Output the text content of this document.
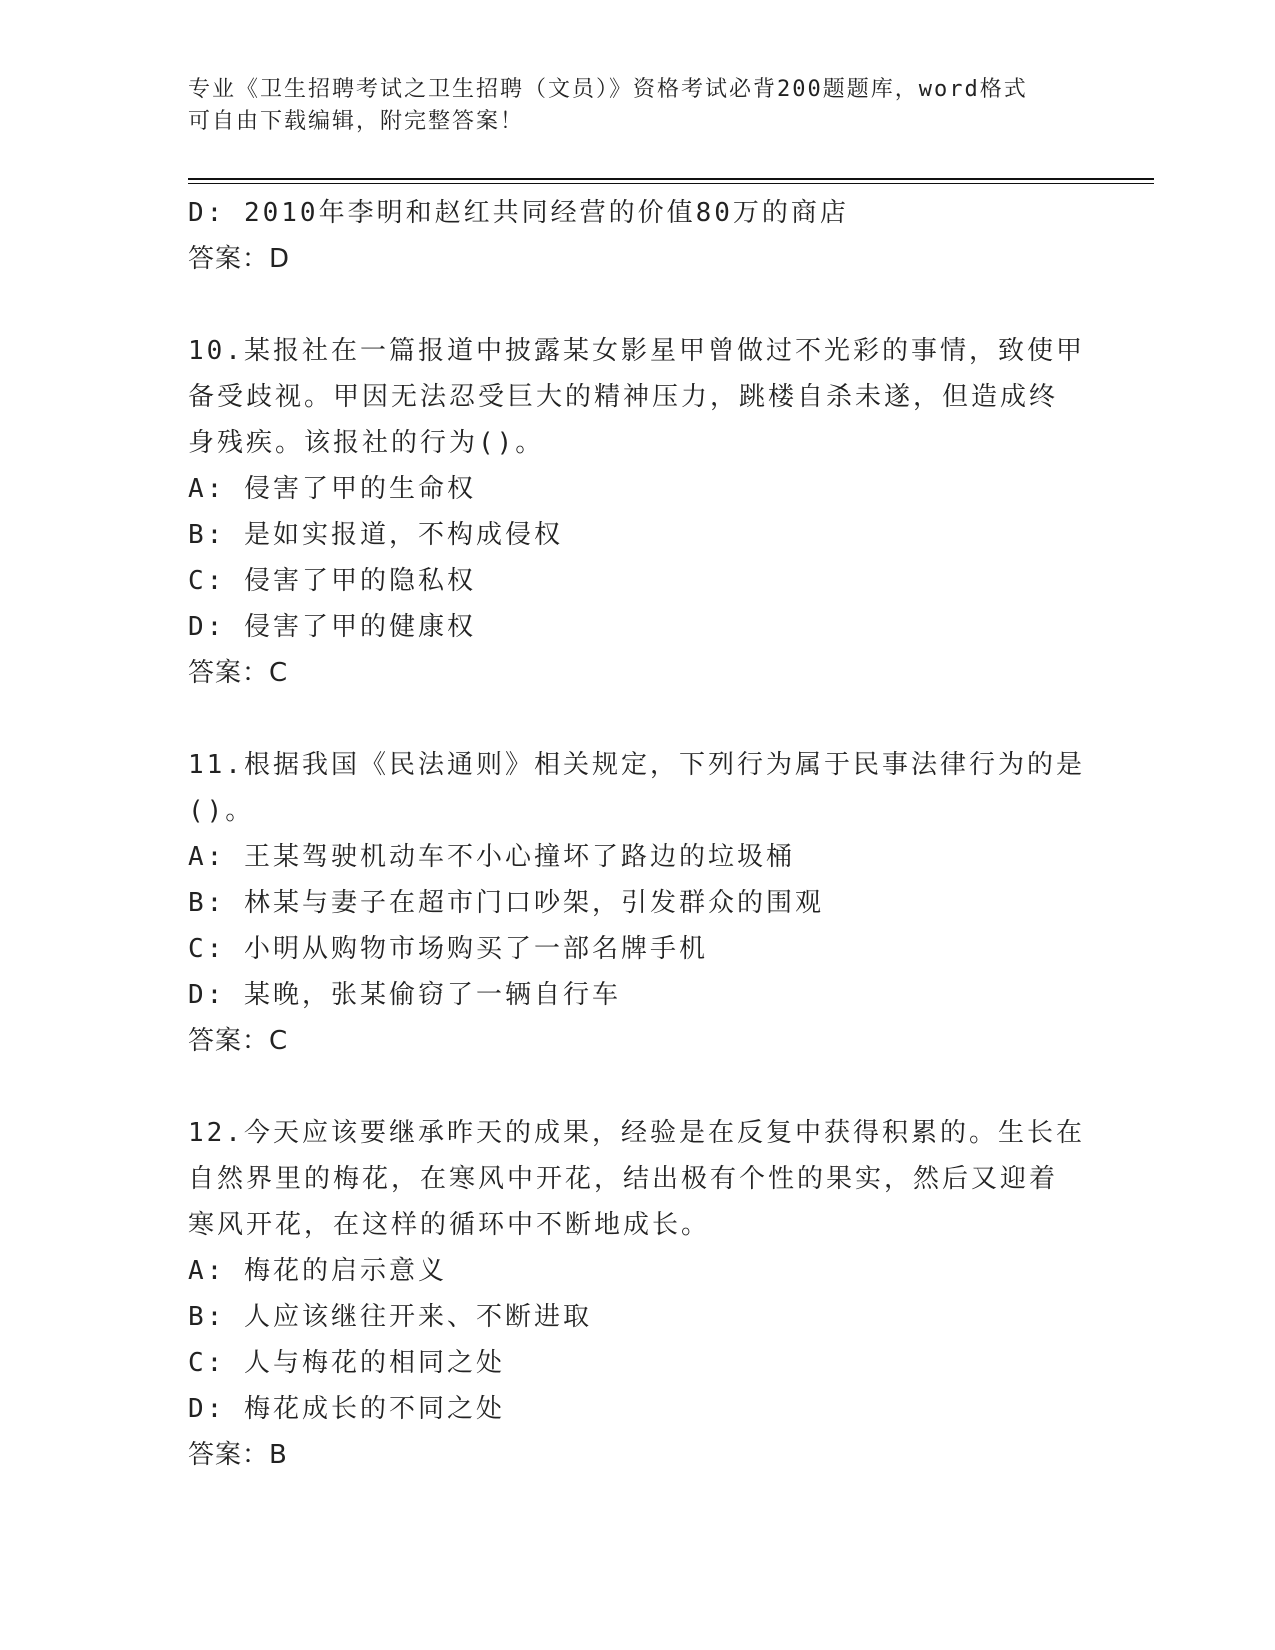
专业《卫生招聘考试之卫生招聘（文员）》资格考试必背200题题库，word格式
可自由下载编辑，附完整答案！
D: 2010年李明和赵红共同经营的价值80万的商店
答案：D
10.某报社在一篇报道中披露某女影星甲曾做过不光彩的事情，致使甲
备受歧视。甲因无法忍受巨大的精神压力，跳楼自杀未遂，但造成终
身残疾。该报社的行为()。
A: 侵害了甲的生命权
B: 是如实报道，不构成侵权
C: 侵害了甲的隐私权
D: 侵害了甲的健康权
答案：C
11.根据我国《民法通则》相关规定，下列行为属于民事法律行为的是
()。
A: 王某驾驶机动车不小心撞坏了路边的垃圾桶
B: 林某与妻子在超市门口吵架，引发群众的围观
C: 小明从购物市场购买了一部名牌手机
D: 某晚，张某偷窃了一辆自行车
答案：C
12.今天应该要继承昨天的成果，经验是在反复中获得积累的。生长在
自然界里的梅花，在寒风中开花，结出极有个性的果实，然后又迎着
寒风开花，在这样的循环中不断地成长。
A: 梅花的启示意义
B: 人应该继往开来、不断进取
C: 人与梅花的相同之处
D: 梅花成长的不同之处
答案：B
